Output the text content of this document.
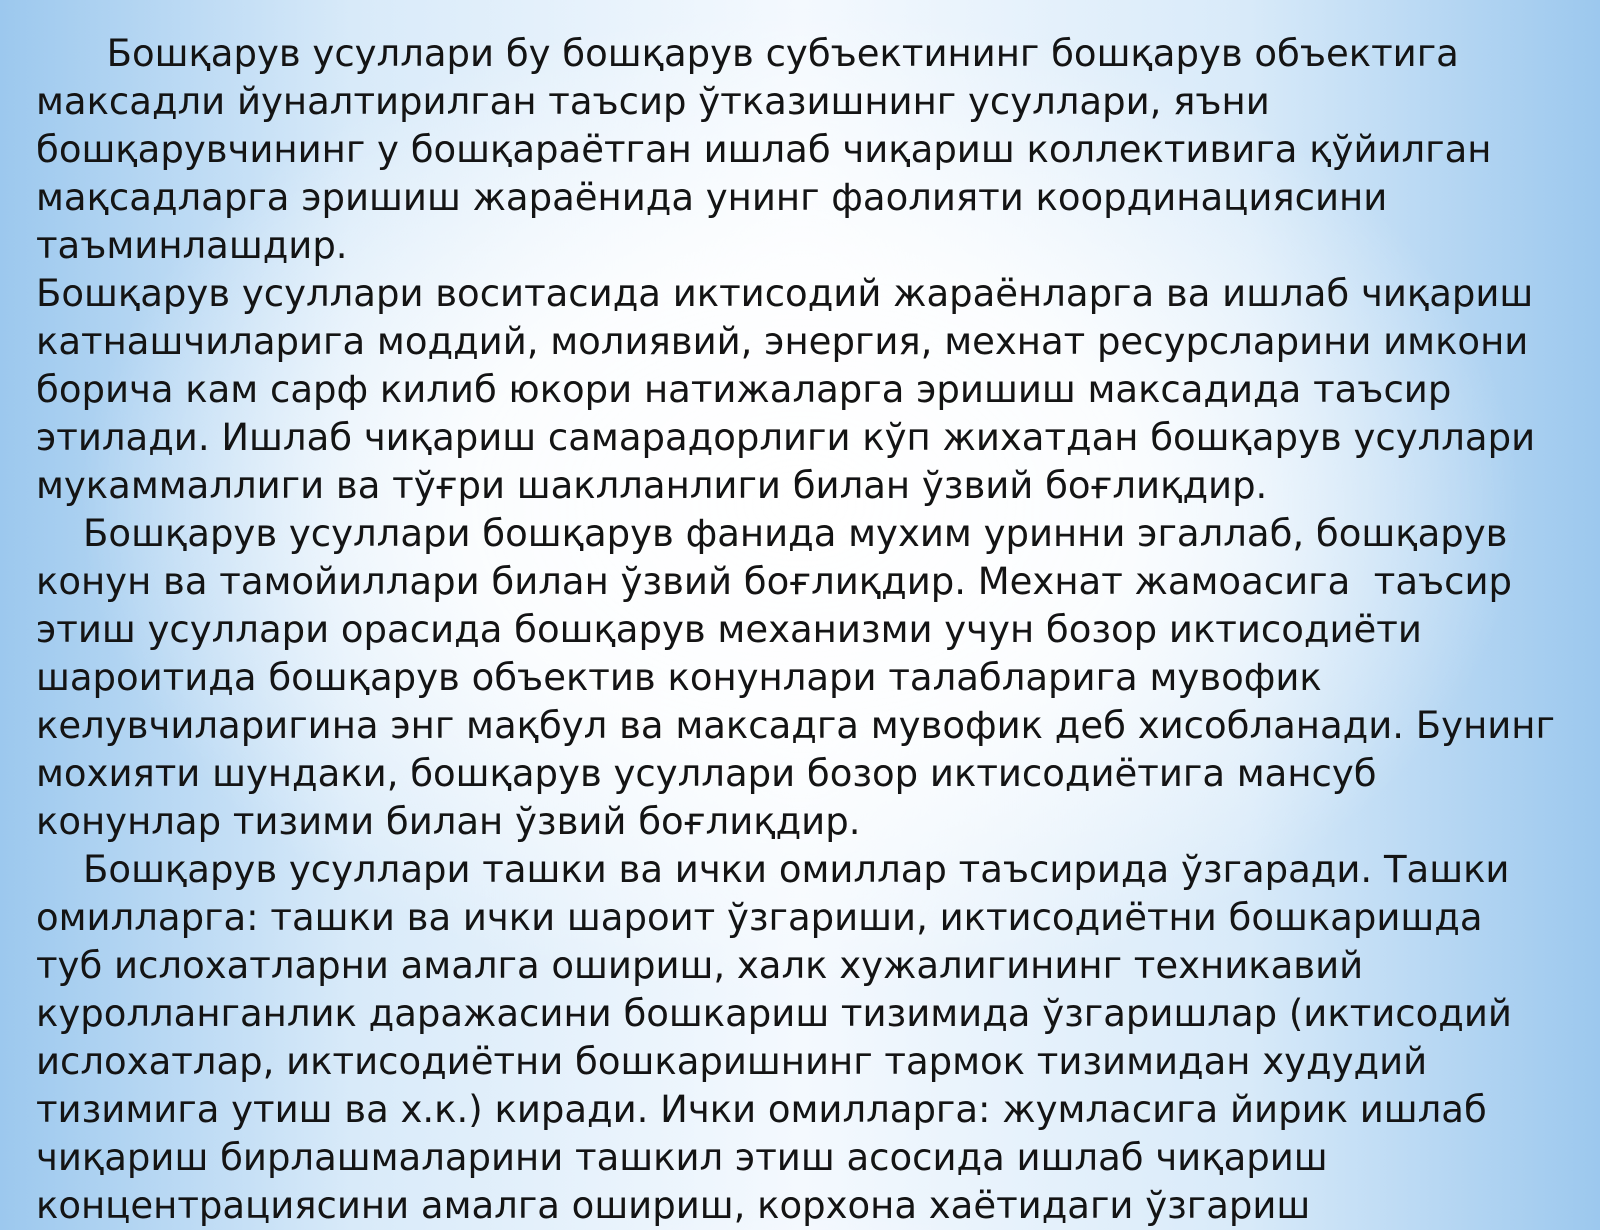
Бошқарув усуллари бу бошқарув субъектининг бошқарув объектига
максадли йуналтирилган таъсир ўтказишнинг усуллари, яъни
бошқарувчининг у бошқараётган ишлаб чиқариш коллективига қўйилган
мақсадларга эришиш жараёнида унинг фаолияти координациясини
таъминлашдир.
Бошқарув усуллари воситасида иктисодий жараёнларга ва ишлаб чиқариш
катнашчиларига моддий, молиявий, энергия, мехнат ресурсларини имкони
борича кам сарф килиб юкори натижаларга эришиш максадида таъсир
этилади. Ишлаб чиқариш самарадорлиги кўп жихатдан бошқарув усуллари
мукаммаллиги ва тўғри шаклланлиги билан ўзвий боғлиқдир.
Бошқарув усуллари бошқарув фанида мухим уринни эгаллаб, бошқарув
конун ва тамойиллари билан ўзвий боғлиқдир. Мехнат жамоасига  таъсир
этиш усуллари орасида бошқарув механизми учун бозор иктисодиёти
шароитида бошқарув объектив конунлари талабларига мувофик
келувчиларигина энг мақбул ва максадга мувофик деб хисобланади. Бунинг
мохияти шундаки, бошқарув усуллари бозор иктисодиётига мансуб
конунлар тизими билан ўзвий боғлиқдир.
Бошқарув усуллари ташки ва ички омиллар таъсирида ўзгаради. Ташки
омилларга: ташки ва ички шароит ўзгариши, иктисодиётни бошкаришда
туб ислохатларни амалга ошириш, халк хужалигининг техникавий
куролланганлик даражасини бошкариш тизимида ўзгаришлар (иктисодий
ислохатлар, иктисодиётни бошкаришнинг тармок тизимидан худудий
тизимига утиш ва х.к.) киради. Ички омилларга: жумласига йирик ишлаб
чиқариш бирлашмаларини ташкил этиш асосида ишлаб чиқариш
концентрациясини амалга ошириш, корхона хаётидаги ўзгариш
